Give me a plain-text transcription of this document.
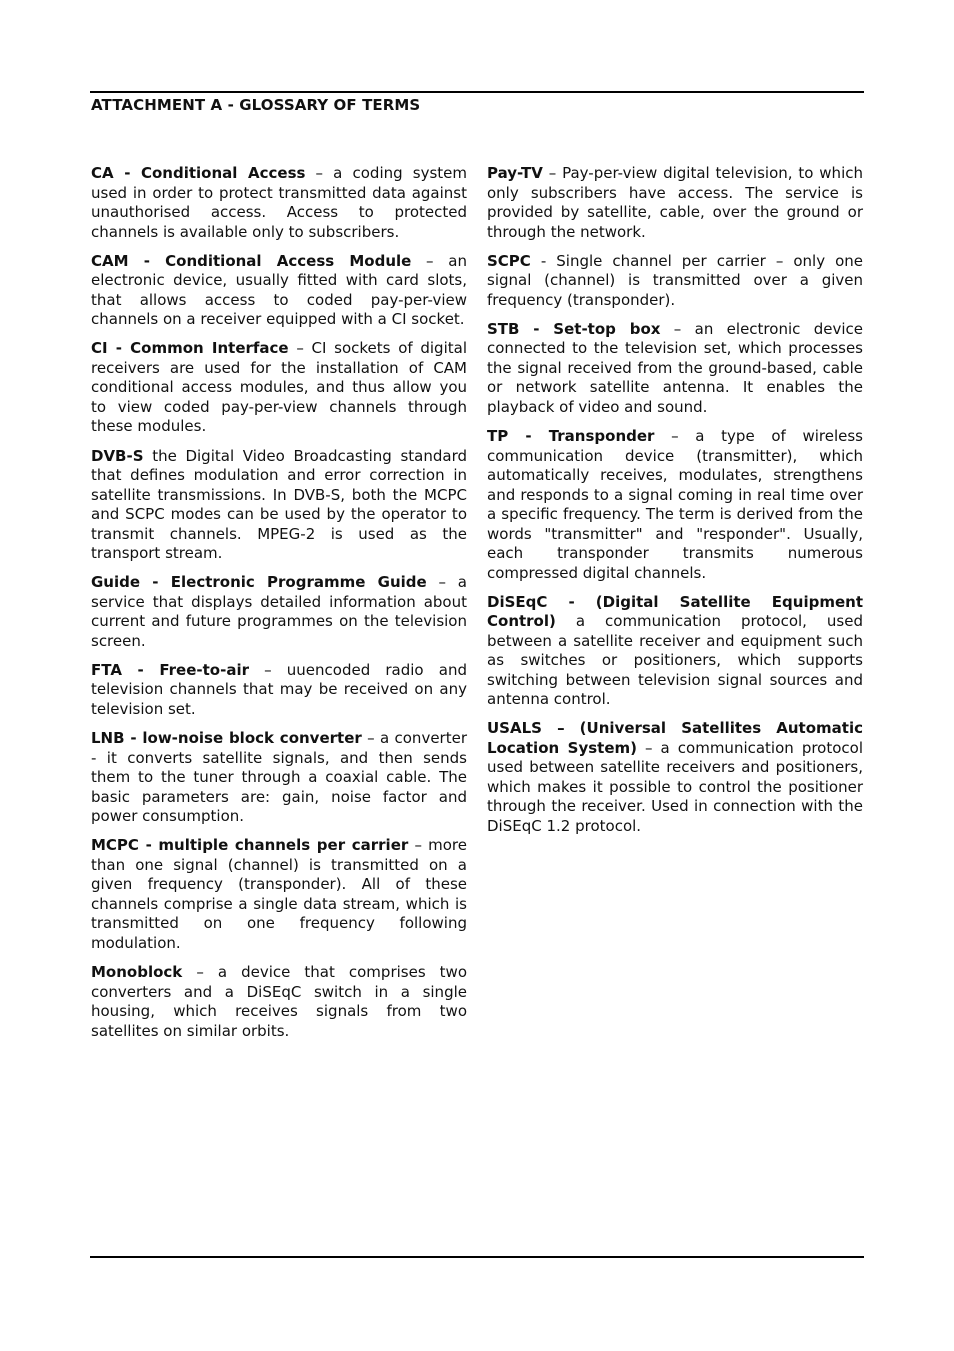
ATTACHMENT A - GLOSSARY OF TERMS

CA - Conditional Access – a coding system used in order to protect transmitted data against unauthorised access. Access to protected channels is available only to subscribers.

CAM - Conditional Access Module – an electronic device, usually fitted with card slots, that allows access to coded pay-per-view channels on a receiver equipped with a CI socket.

CI - Common Interface – CI sockets of digital receivers are used for the installation of CAM conditional access modules, and thus allow you to view coded pay-per-view channels through these modules.

DVB-S the Digital Video Broadcasting standard that defines modulation and error correction in satellite transmissions. In DVB-S, both the MCPC and SCPC modes can be used by the operator to transmit channels. MPEG-2 is used as the transport stream.

Guide - Electronic Programme Guide – a service that displays detailed information about current and future programmes on the television screen.

FTA - Free-to-air – uuencoded radio and television channels that may be received on any television set.

LNB - low-noise block converter – a converter - it converts satellite signals, and then sends them to the tuner through a coaxial cable. The basic parameters are: gain, noise factor and power consumption.

MCPC - multiple channels per carrier – more than one signal (channel) is transmitted on a given frequency (transponder). All of these channels comprise a single data stream, which is transmitted on one frequency following modulation.

Monoblock – a device that comprises two converters and a DiSEqC switch in a single housing, which receives signals from two satellites on similar orbits.

Pay-TV – Pay-per-view digital television, to which only subscribers have access. The service is provided by satellite, cable, over the ground or through the network.

SCPC - Single channel per carrier – only one signal (channel) is transmitted over a given frequency (transponder).

STB - Set-top box – an electronic device connected to the television set, which processes the signal received from the ground-based, cable or network satellite antenna. It enables the playback of video and sound.

TP - Transponder – a type of wireless communication device (transmitter), which automatically receives, modulates, strengthens and responds to a signal coming in real time over a specific frequency. The term is derived from the words "transmitter" and "responder". Usually, each transponder transmits numerous compressed digital channels.

DiSEqC - (Digital Satellite Equipment Control) a communication protocol, used between a satellite receiver and equipment such as switches or positioners, which supports switching between television signal sources and antenna control.

USALS – (Universal Satellites Automatic Location System) – a communication protocol used between satellite receivers and positioners, which makes it possible to control the positioner through the receiver. Used in connection with the DiSEqC 1.2 protocol.
